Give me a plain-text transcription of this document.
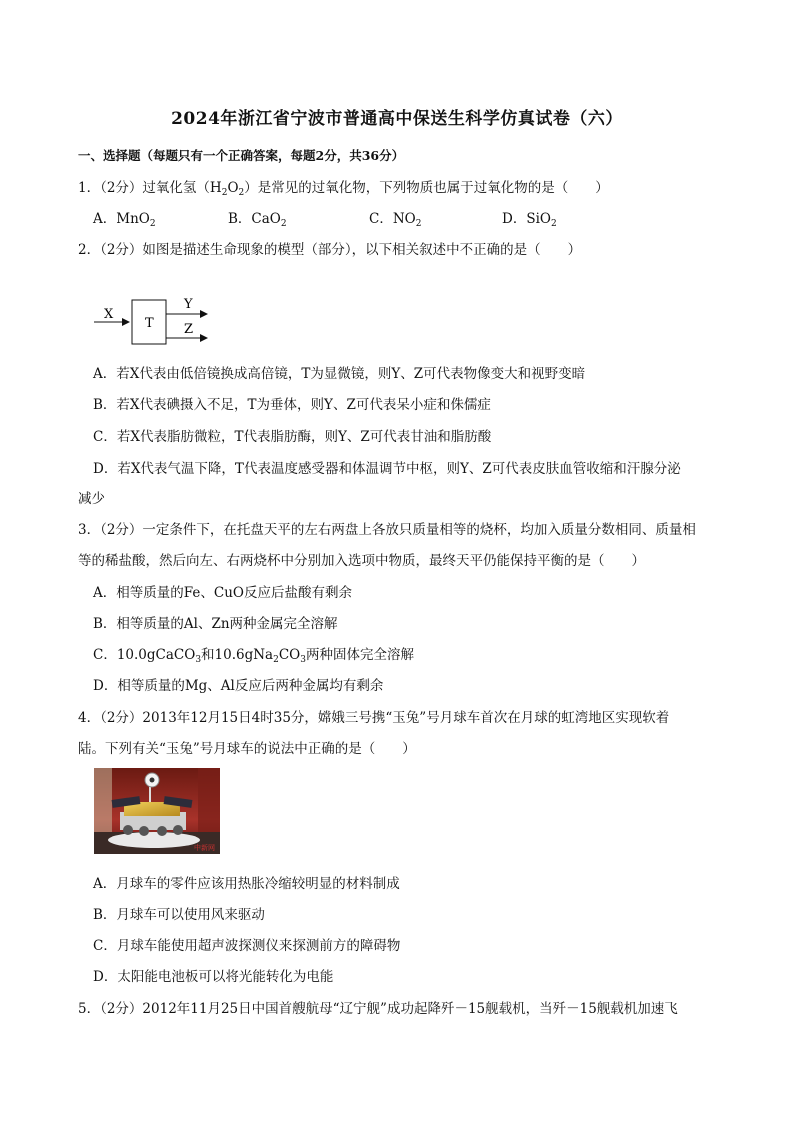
2024年浙江省宁波市普通高中保送生科学仿真试卷（六）
一、选择题（每题只有一个正确答案，每题2分，共36分）
1．（2分）过氧化氢$(H_2O_2)$是常见的过氧化物，下列物质也属于过氧化物的是（　　）
A．MnO$_2$	B．CaO$_2$	C．$NO_2$	D．SiO$_2$
2．（2分）如图是描述生命现象的模型（部分），以下相关叙述中不正确的是（　　）
X
T
Y
Z
A．若X代表由低倍镜换成高倍镜，T为显微镜，则Y、Z可代表物像变大和视野变暗
B．若X代表碘摄入不足，T为垂体，则Y、Z可代表呆小症和侏儒症
C．若X代表脂肪微粒，T代表脂肪酶，则Y、Z可代表甘油和脂肪酸
D．若X代表气温下降，T代表温度感受器和体温调节中枢，则Y、Z可代表皮肤血管收缩和汗腺分泌
减少
3．（2分）一定条件下，在托盘天平的左右两盘上各放只质量相等的烧杯，均加入质量分数相同、质量相
等的稀盐酸，然后向左、右两烧杯中分别加入选项中物质，最终天平仍能保持平衡的是（　　）
A．相等质量的Fe、CuO反应后盐酸有剩余
B．相等质量的Al、Zn两种金属完全溶解
C．10.0gCaCO$_3$和$10.6gNa_2CO_3$两种固体完全溶解
D．相等质量的Mg、Al反应后两种金属均有剩余
4．（2分）2013年12月15日4时35分，嫦娥三号携“玉兔”号月球车首次在月球的虹湾地区实现软着
陆。下列有关“玉兔”号月球车的说法中正确的是（　　）
中新网
A．月球车的零件应该用热胀冷缩较明显的材料制成
B．月球车可以使用风来驱动
C．月球车能使用超声波探测仪来探测前方的障碍物
D．太阳能电池板可以将光能转化为电能
5．（2分）2012年11月25日中国首艘航母“辽宁舰”成功起降歼－15舰载机，当歼－15舰载机加速飞
